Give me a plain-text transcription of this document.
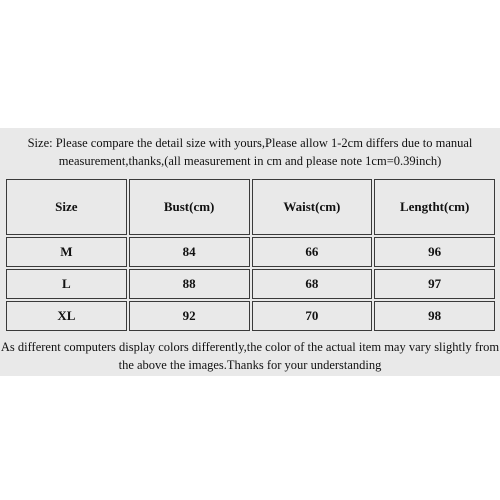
Size: Please compare the detail size with yours,Please allow 1-2cm differs due to manual
measurement,thanks,(all measurement in cm and please note 1cm=0.39inch)
Size	Bust(cm)	Waist(cm)	Lengtht(cm)
M	84	66	96
L	88	68	97
XL	92	70	98
As different computers display colors differently,the color of the actual item may vary slightly from
the above the images.Thanks for your understanding
